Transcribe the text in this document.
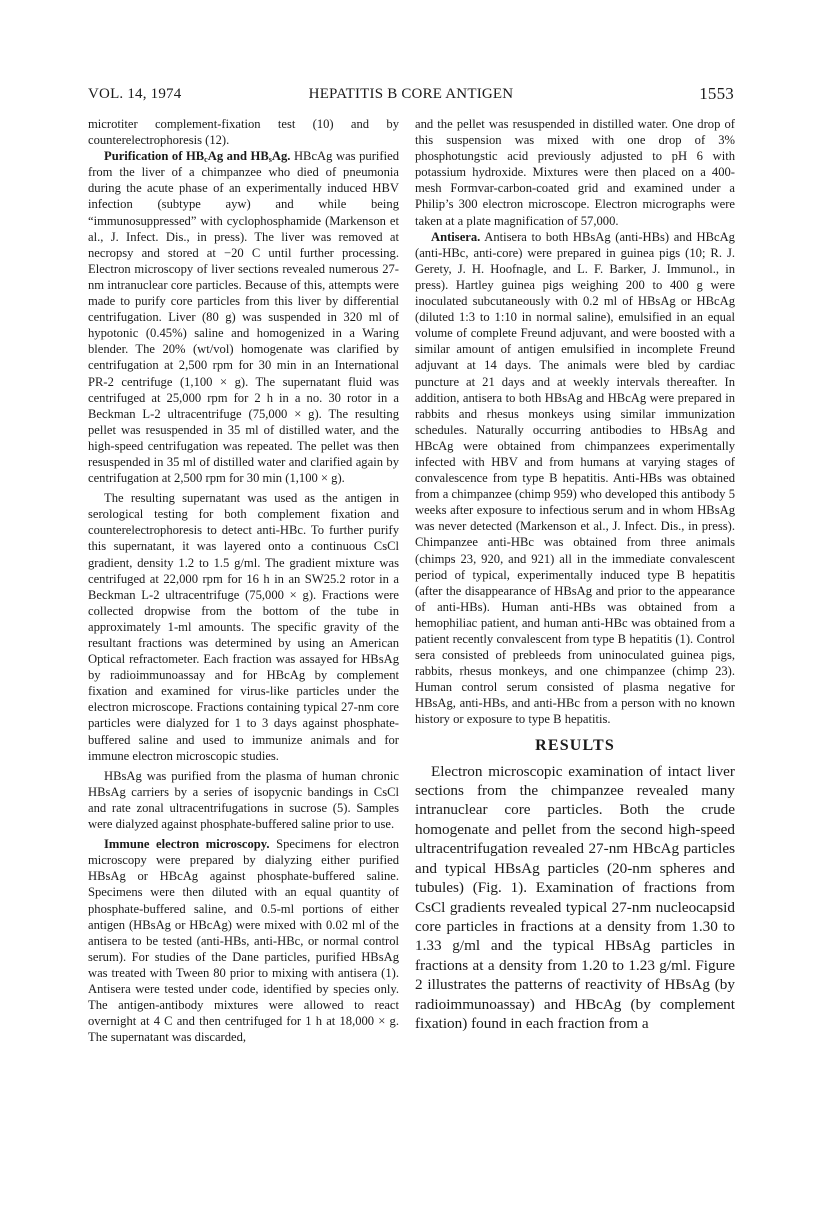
VOL. 14, 1974	HEPATITIS B CORE ANTIGEN	1553

microtiter complement-fixation test (10) and by counterelectrophoresis (12).

Purification of $HB_cAg$ and $HB_sAg$. HBcAg was purified from the liver of a chimpanzee who died of pneumonia during the acute phase of an experimentally induced HBV infection (subtype ayw) and while being “immunosuppressed” with cyclophosphamide (Markenson et al., J. Infect. Dis., in press). The liver was removed at necropsy and stored at −20 C until further processing. Electron microscopy of liver sections revealed numerous 27-nm intranuclear core particles. Because of this, attempts were made to purify core particles from this liver by differential centrifugation. Liver (80 g) was suspended in 320 ml of hypotonic (0.45%) saline and homogenized in a Waring blender. The 20% (wt/vol) homogenate was clarified by centrifugation at 2,500 rpm for 30 min in an International PR-2 centrifuge (1,100 × g). The supernatant fluid was centrifuged at 25,000 rpm for 2 h in a no. 30 rotor in a Beckman L-2 ultracentrifuge (75,000 × g). The resulting pellet was resuspended in 35 ml of distilled water, and the high-speed centrifugation was repeated. The pellet was then resuspended in 35 ml of distilled water and clarified again by centrifugation at 2,500 rpm for 30 min (1,100 × g).

The resulting supernatant was used as the antigen in serological testing for both complement fixation and counterelectrophoresis to detect anti-HBc. To further purify this supernatant, it was layered onto a continuous CsCl gradient, density 1.2 to 1.5 g/ml. The gradient mixture was centrifuged at 22,000 rpm for 16 h in an SW25.2 rotor in a Beckman L-2 ultracentrifuge (75,000 × g). Fractions were collected dropwise from the bottom of the tube in approximately 1-ml amounts. The specific gravity of the resultant fractions was determined by using an American Optical refractometer. Each fraction was assayed for HBsAg by radioimmunoassay and for HBcAg by complement fixation and examined for virus-like particles under the electron microscope. Fractions containing typical 27-nm core particles were dialyzed for 1 to 3 days against phosphate-buffered saline and used to immunize animals and for immune electron microscopic studies.

HBsAg was purified from the plasma of human chronic HBsAg carriers by a series of isopycnic bandings in CsCl and rate zonal ultracentrifugations in sucrose (5). Samples were dialyzed against phosphate-buffered saline prior to use.

Immune electron microscopy. Specimens for electron microscopy were prepared by dialyzing either purified HBsAg or HBcAg against phosphate-buffered saline. Specimens were then diluted with an equal quantity of phosphate-buffered saline, and 0.5-ml portions of either antigen (HBsAg or HBcAg) were mixed with 0.02 ml of the antisera to be tested (anti-HBs, anti-HBc, or normal control serum). For studies of the Dane particles, purified HBsAg was treated with Tween 80 prior to mixing with antisera (1). Antisera were tested under code, identified by species only. The antigen-antibody mixtures were allowed to react overnight at 4 C and then centrifuged for 1 h at 18,000 × g. The supernatant was discarded,

and the pellet was resuspended in distilled water. One drop of this suspension was mixed with one drop of 3% phosphotungstic acid previously adjusted to pH 6 with potassium hydroxide. Mixtures were then placed on a 400-mesh Formvar-carbon-coated grid and examined under a Philip’s 300 electron microscope. Electron micrographs were taken at a plate magnification of 57,000.

Antisera. Antisera to both HBsAg (anti-HBs) and HBcAg (anti-HBc, anti-core) were prepared in guinea pigs (10; R. J. Gerety, J. H. Hoofnagle, and L. F. Barker, J. Immunol., in press). Hartley guinea pigs weighing 200 to 400 g were inoculated subcutaneously with 0.2 ml of HBsAg or HBcAg (diluted 1:3 to 1:10 in normal saline), emulsified in an equal volume of complete Freund adjuvant, and were boosted with a similar amount of antigen emulsified in incomplete Freund adjuvant at 14 days. The animals were bled by cardiac puncture at 21 days and at weekly intervals thereafter. In addition, antisera to both HBsAg and HBcAg were prepared in rabbits and rhesus monkeys using similar immunization schedules. Naturally occurring antibodies to HBsAg and HBcAg were obtained from chimpanzees experimentally infected with HBV and from humans at varying stages of convalescence from type B hepatitis. Anti-HBs was obtained from a chimpanzee (chimp 959) who developed this antibody 5 weeks after exposure to infectious serum and in whom HBsAg was never detected (Markenson et al., J. Infect. Dis., in press). Chimpanzee anti-HBc was obtained from three animals (chimps 23, 920, and 921) all in the immediate convalescent period of typical, experimentally induced type B hepatitis (after the disappearance of HBsAg and prior to the appearance of anti-HBs). Human anti-HBs was obtained from a hemophiliac patient, and human anti-HBc was obtained from a patient recently convalescent from type B hepatitis (1). Control sera consisted of prebleeds from uninoculated guinea pigs, rabbits, rhesus monkeys, and one chimpanzee (chimp 23). Human control serum consisted of plasma negative for HBsAg, anti-HBs, and anti-HBc from a person with no known history or exposure to type B hepatitis.

RESULTS

Electron microscopic examination of intact liver sections from the chimpanzee revealed many intranuclear core particles. Both the crude homogenate and pellet from the second high-speed ultracentrifugation revealed 27-nm HBcAg particles and typical HBsAg particles (20-nm spheres and tubules) (Fig. 1). Examination of fractions from CsCl gradients revealed typical 27-nm nucleocapsid core particles in fractions at a density from 1.30 to 1.33 g/ml and the typical HBsAg particles in fractions at a density from 1.20 to 1.23 g/ml. Figure 2 illustrates the patterns of reactivity of HBsAg (by radioimmunoassay) and HBcAg (by complement fixation) found in each fraction from a
